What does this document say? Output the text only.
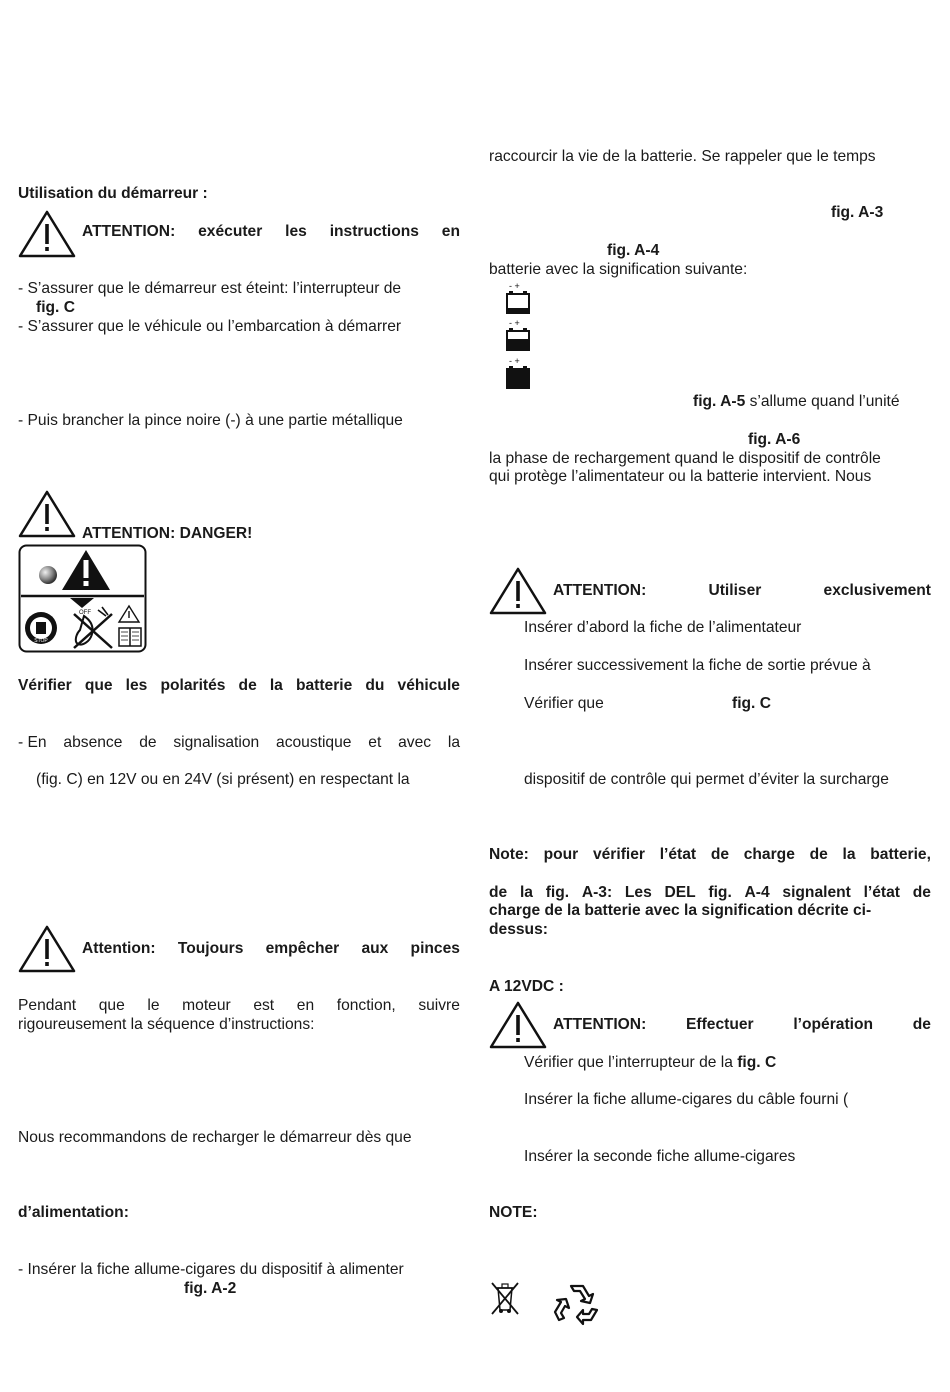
Utilisation du démarreur :
ATTENTION: exécuter les instructions en
- S’assurer que le démarreur est éteint: l’interrupteur de
fig. C
- S’assurer que le véhicule ou l’embarcation à démarrer
- Puis brancher la pince noire (-) à une partie métallique
ATTENTION: DANGER!
STOP
OFF
Vérifier que les polarités de la batterie du véhicule
- En absence de signalisation acoustique et avec la
(fig. C) en 12V ou en 24V (si présent) en respectant la
Attention: Toujours empêcher aux pinces
Pendant que le moteur est en fonction, suivre
rigoureusement la séquence d’instructions:
Nous recommandons de recharger le démarreur dès que
d’alimentation:
- Insérer la fiche allume-cigares du dispositif à alimenter
fig. A-2
raccourcir la vie de la batterie. Se rappeler que le temps
fig. A-3
fig. A-4
batterie avec la signification suivante:
- +
- +
- +
fig. A-5 s’allume quand l’unité
fig. A-6
la phase de rechargement quand le dispositif de contrôle
qui protège l’alimentateur ou la batterie intervient. Nous
ATTENTION:	Utiliser	exclusivement
Insérer d’abord la fiche de l’alimentateur
Insérer successivement la fiche de sortie prévue à
Vérifier que	fig. C
dispositif de contrôle qui permet d’éviter la surcharge
Note: pour vérifier l’état de charge de la batterie,
de la fig. A-3: Les DEL fig. A-4 signalent l’état de
charge de la batterie avec la signification décrite ci-
dessus:
A 12VDC :
ATTENTION:	Effectuer	l’opération	de
Vérifier que l’interrupteur de la fig. C
Insérer la fiche allume-cigares du câble fourni (
Insérer la seconde fiche allume-cigares
NOTE:
